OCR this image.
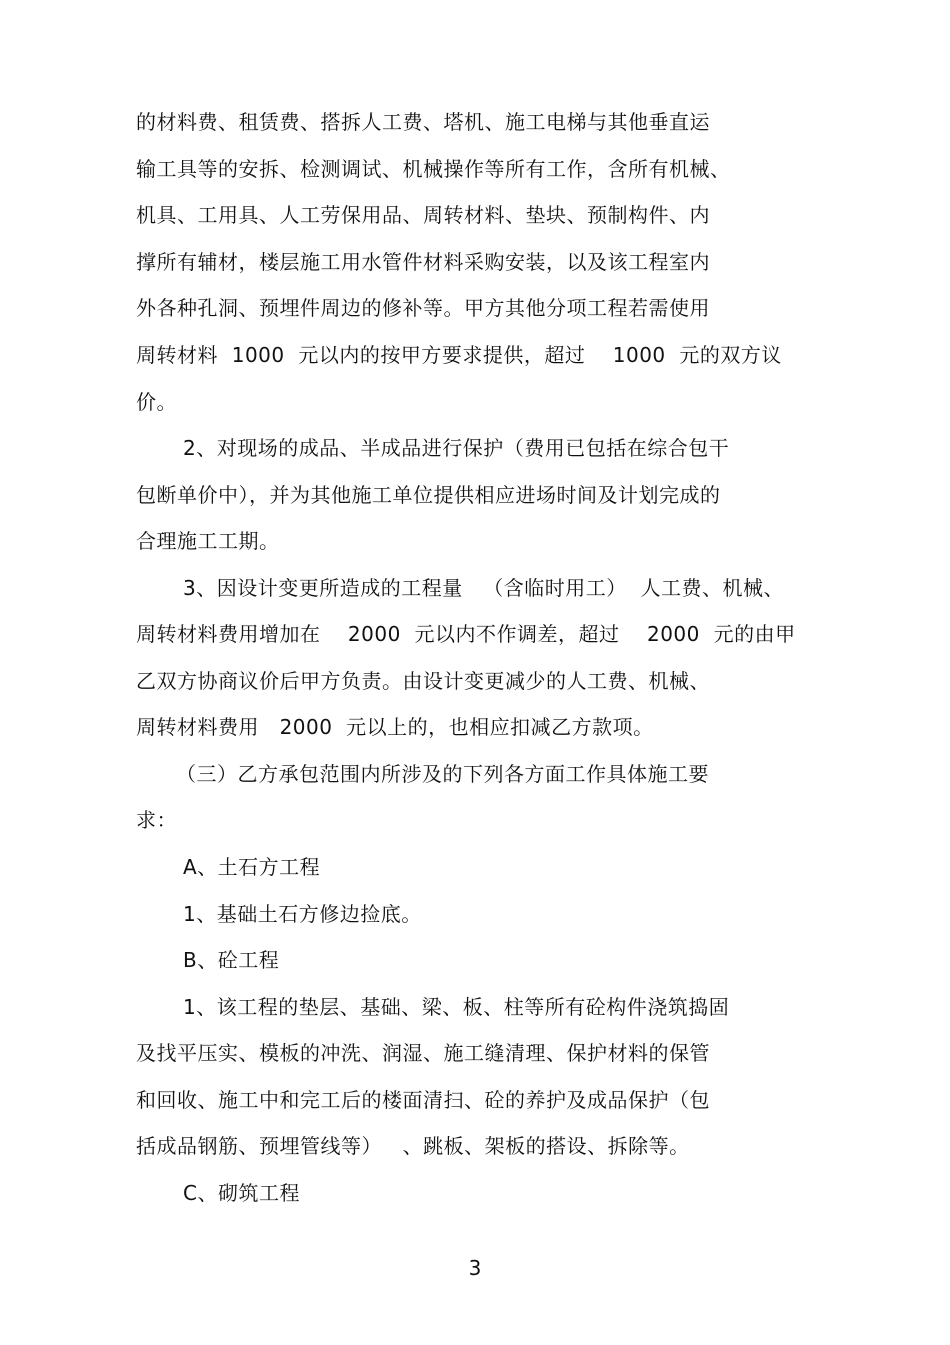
的材料费、租赁费、搭拆人工费、塔机、施工电梯与其他垂直运
输工具等的安拆、检测调试、机械操作等所有工作，含所有机械、
机具、工用具、人工劳保用品、周转材料、垫块、预制构件、内
撑所有辅材，楼层施工用水管件材料采购安装，以及该工程室内
外各种孔洞、预埋件周边的修补等。甲方其他分项工程若需使用
周转材料  1000  元以内的按甲方要求提供，超过    1000  元的双方议
价。
2、对现场的成品、半成品进行保护（费用已包括在综合包干
包断单价中），并为其他施工单位提供相应进场时间及计划完成的
合理施工工期。
3、因设计变更所造成的工程量   （含临时用工）  人工费、机械、
周转材料费用增加在    2000  元以内不作调差，超过    2000  元的由甲
乙双方协商议价后甲方负责。由设计变更减少的人工费、机械、
周转材料费用   2000  元以上的，也相应扣减乙方款项。
（三）乙方承包范围内所涉及的下列各方面工作具体施工要
求：
A、土石方工程
1、基础土石方修边捡底。
B、砼工程
1、该工程的垫层、基础、梁、板、柱等所有砼构件浇筑捣固
及找平压实、模板的冲洗、润湿、施工缝清理、保护材料的保管
和回收、施工中和完工后的楼面清扫、砼的养护及成品保护（包
括成品钢筋、预埋管线等）   、跳板、架板的搭设、拆除等。
C、砌筑工程
3
